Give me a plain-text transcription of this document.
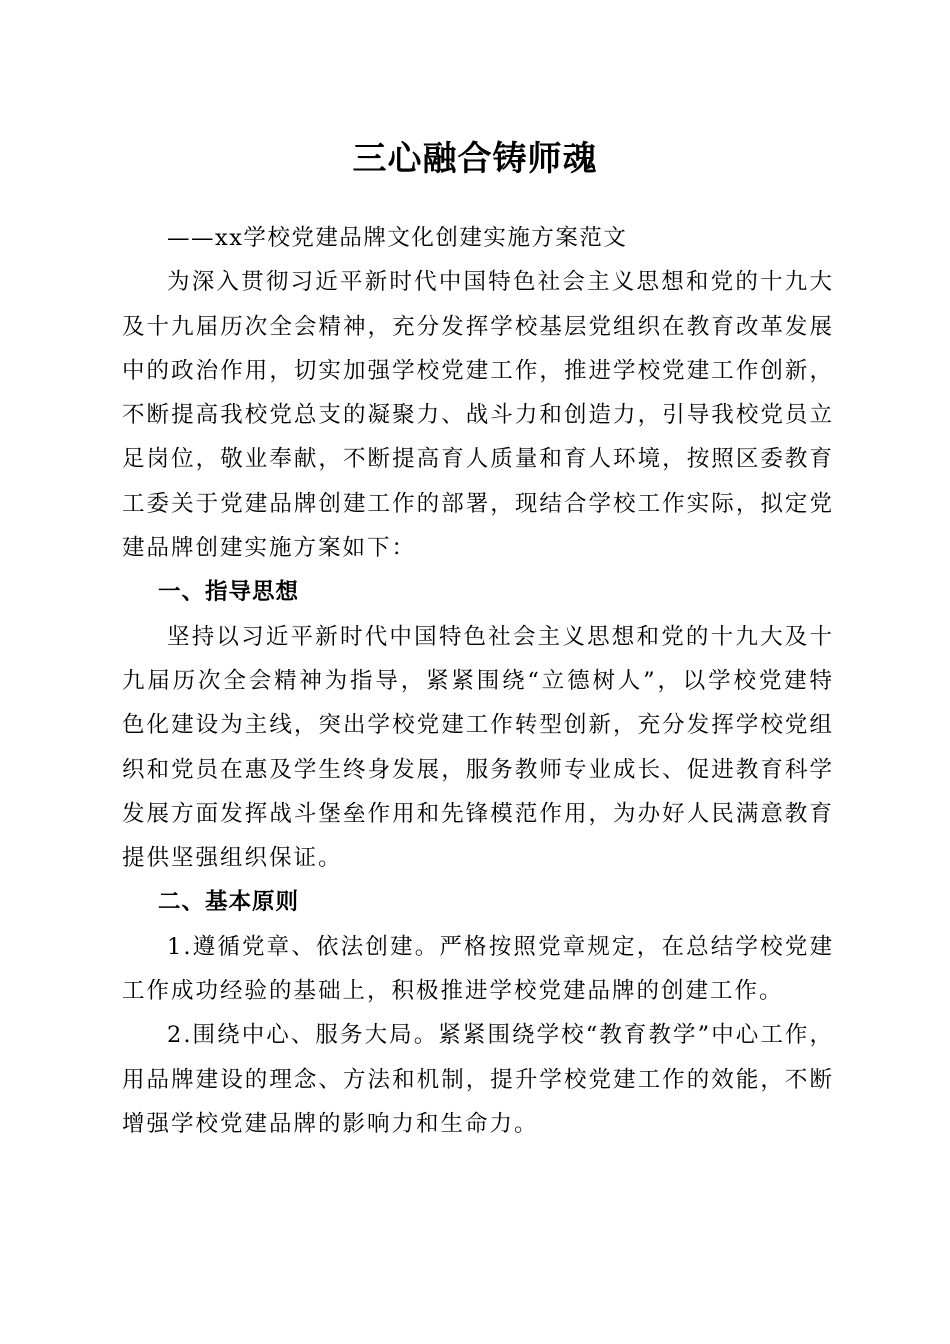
三心融合铸师魂

——xx学校党建品牌文化创建实施方案范文

为深入贯彻习近平新时代中国特色社会主义思想和党的十九大及十九届历次全会精神，充分发挥学校基层党组织在教育改革发展中的政治作用，切实加强学校党建工作，推进学校党建工作创新，不断提高我校党总支的凝聚力、战斗力和创造力，引导我校党员立足岗位，敬业奉献，不断提高育人质量和育人环境，按照区委教育工委关于党建品牌创建工作的部署，现结合学校工作实际，拟定党建品牌创建实施方案如下：

一、指导思想

坚持以习近平新时代中国特色社会主义思想和党的十九大及十九届历次全会精神为指导，紧紧围绕“立德树人”，以学校党建特色化建设为主线，突出学校党建工作转型创新，充分发挥学校党组织和党员在惠及学生终身发展，服务教师专业成长、促进教育科学发展方面发挥战斗堡垒作用和先锋模范作用，为办好人民满意教育提供坚强组织保证。

二、基本原则

1.遵循党章、依法创建。严格按照党章规定，在总结学校党建工作成功经验的基础上，积极推进学校党建品牌的创建工作。

2.围绕中心、服务大局。紧紧围绕学校“教育教学”中心工作，用品牌建设的理念、方法和机制，提升学校党建工作的效能，不断增强学校党建品牌的影响力和生命力。
